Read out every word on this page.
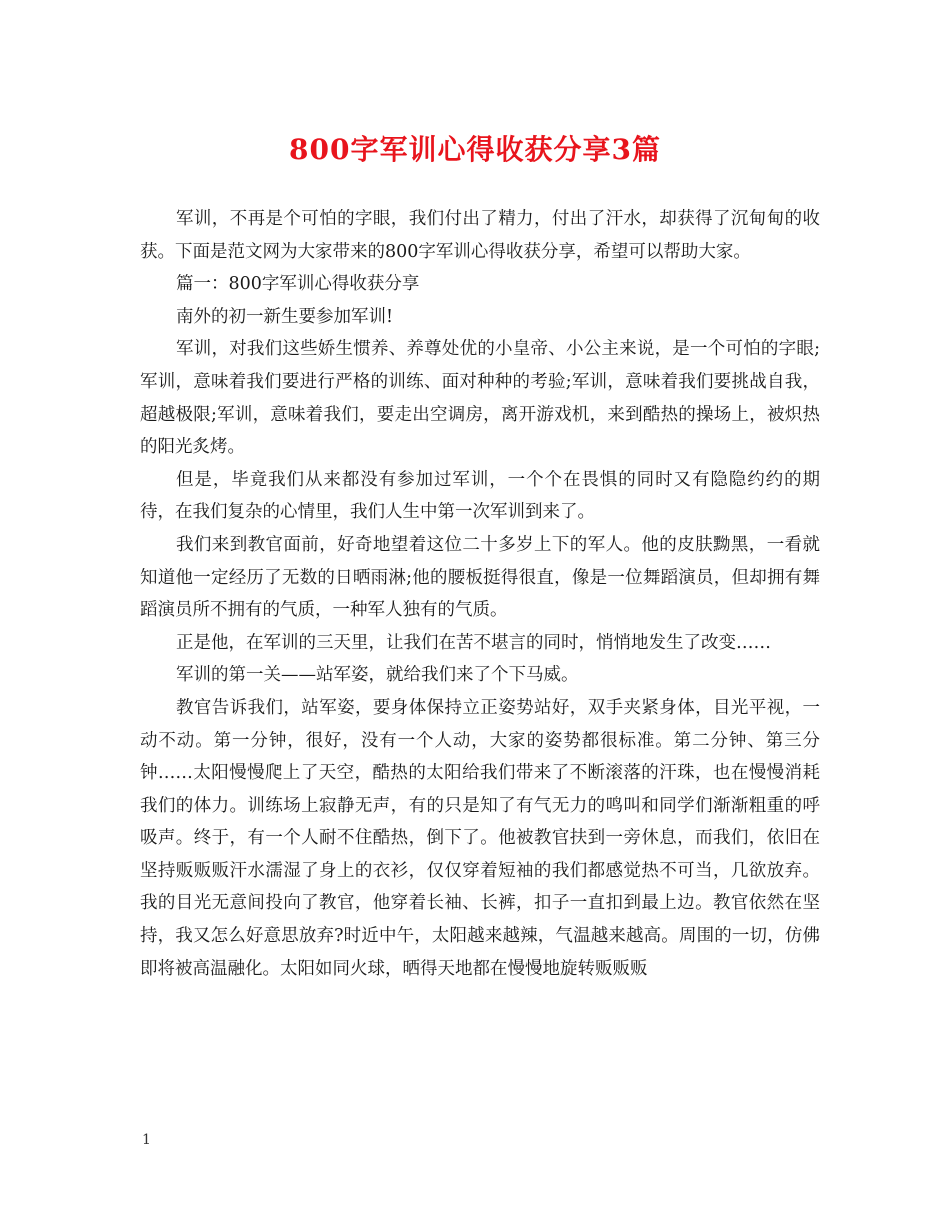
800字军训心得收获分享3篇

军训，不再是个可怕的字眼，我们付出了精力，付出了汗水，却获得了沉甸甸的收获。下面是范文网为大家带来的800字军训心得收获分享，希望可以帮助大家。

篇一：800字军训心得收获分享

南外的初一新生要参加军训!

军训，对我们这些娇生惯养、养尊处优的小皇帝、小公主来说，是一个可怕的字眼;军训，意味着我们要进行严格的训练、面对种种的考验;军训，意味着我们要挑战自我，超越极限;军训，意味着我们，要走出空调房，离开游戏机，来到酷热的操场上，被炽热的阳光炙烤。

但是，毕竟我们从来都没有参加过军训，一个个在畏惧的同时又有隐隐约约的期待，在我们复杂的心情里，我们人生中第一次军训到来了。

我们来到教官面前，好奇地望着这位二十多岁上下的军人。他的皮肤黝黑，一看就知道他一定经历了无数的日晒雨淋;他的腰板挺得很直，像是一位舞蹈演员，但却拥有舞蹈演员所不拥有的气质，一种军人独有的气质。

正是他，在军训的三天里，让我们在苦不堪言的同时，悄悄地发生了改变……

军训的第一关——站军姿，就给我们来了个下马威。

教官告诉我们，站军姿，要身体保持立正姿势站好，双手夹紧身体，目光平视，一动不动。第一分钟，很好，没有一个人动，大家的姿势都很标准。第二分钟、第三分钟……太阳慢慢爬上了天空，酷热的太阳给我们带来了不断滚落的汗珠，也在慢慢消耗我们的体力。训练场上寂静无声，有的只是知了有气无力的鸣叫和同学们渐渐粗重的呼吸声。终于，有一个人耐不住酷热，倒下了。他被教官扶到一旁休息，而我们，依旧在坚持贩贩贩汗水濡湿了身上的衣衫，仅仅穿着短袖的我们都感觉热不可当，几欲放弃。我的目光无意间投向了教官，他穿着长袖、长裤，扣子一直扣到最上边。教官依然在坚持，我又怎么好意思放弃?时近中午，太阳越来越辣，气温越来越高。周围的一切，仿佛即将被高温融化。太阳如同火球，晒得天地都在慢慢地旋转贩贩贩

1
